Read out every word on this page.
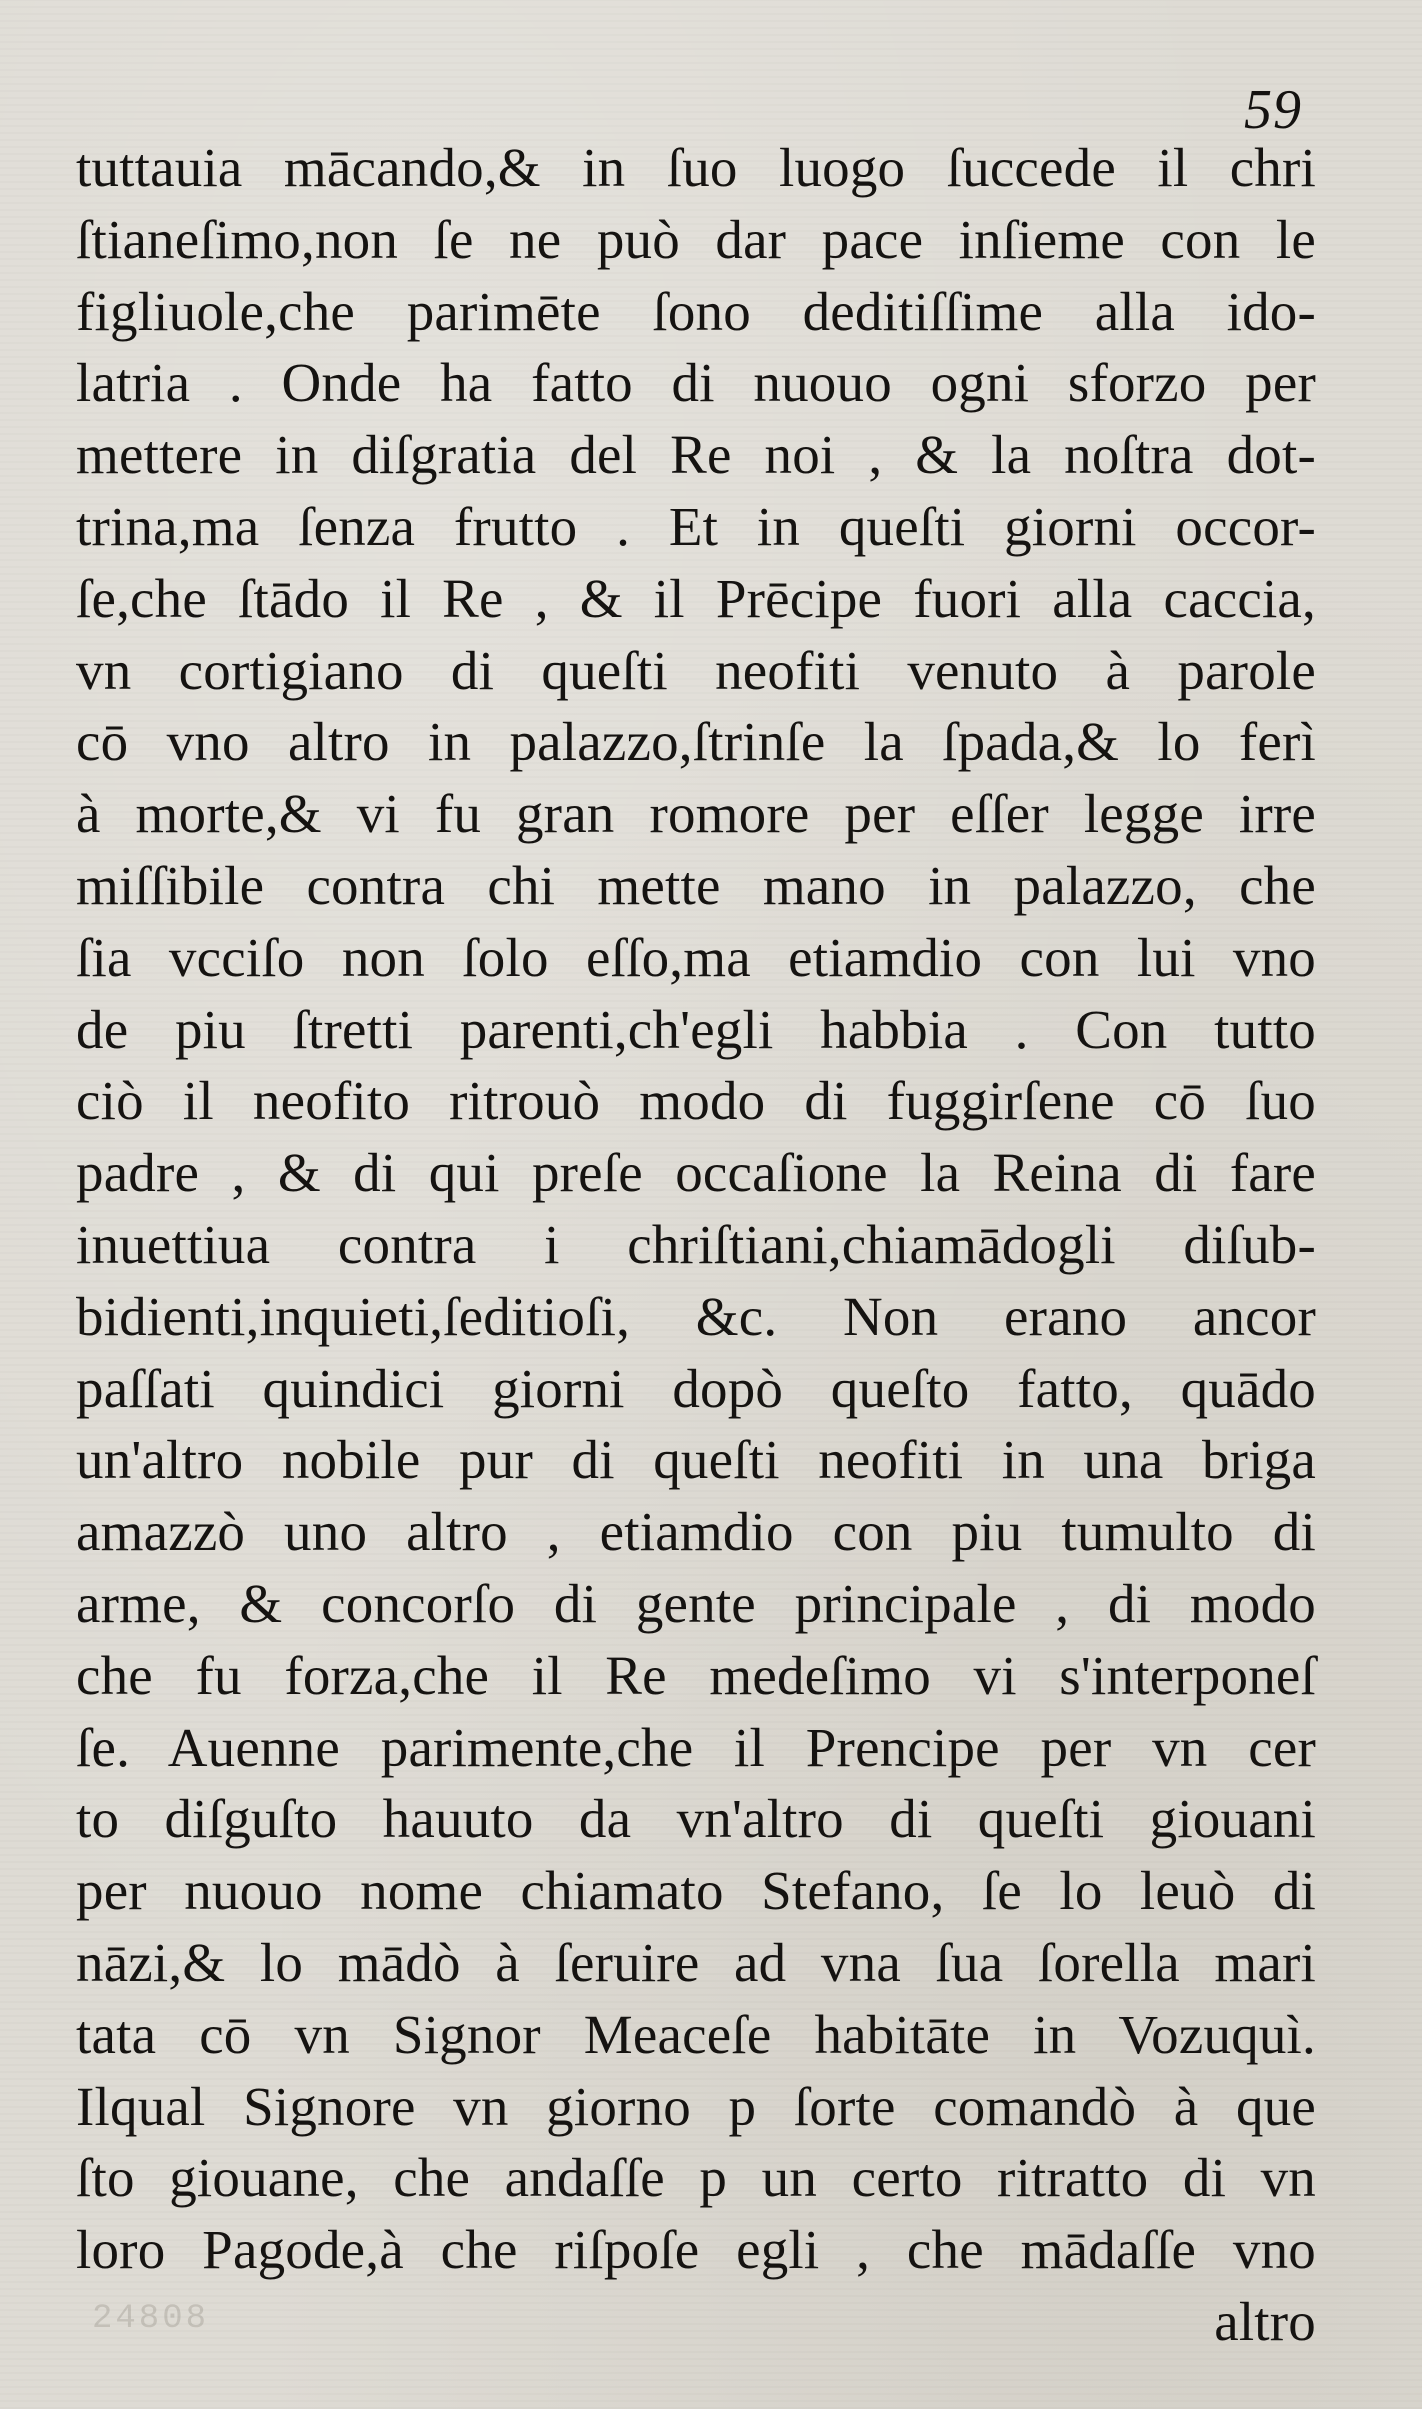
59
tuttauia mācando,& in ſuo luogo ſuccede il chri
ſtianeſimo,non ſe ne può dar pace inſieme con le
figliuole,che parimēte ſono deditiſſime alla ido-
latria . Onde ha fatto di nuouo ogni sforzo per
mettere in diſgratia del Re noi , & la noſtra dot-
trina,ma ſenza frutto . Et in queſti giorni occor-
ſe,che ſtādo il Re , & il Prēcipe fuori alla caccia,
vn cortigiano di queſti neofiti venuto à parole
cō vno altro in palazzo,ſtrinſe la ſpada,& lo ferì
à morte,& vi fu gran romore per eſſer legge irre
miſſibile contra chi mette mano in palazzo, che
ſia vcciſo non ſolo eſſo,ma etiamdio con lui vno
de piu ſtretti parenti,ch'egli habbia . Con tutto
ciò il neofito ritrouò modo di fuggirſene cō ſuo
padre , & di qui preſe occaſione la Reina di fare
inuettiua contra i chriſtiani,chiamādogli diſub-
bidienti,inquieti,ſeditioſi, &c. Non erano ancor
paſſati quindici giorni dopò queſto fatto, quādo
un'altro nobile pur di queſti neofiti in una briga
amazzò uno altro , etiamdio con piu tumulto di
arme, & concorſo di gente principale , di modo
che fu forza,che il Re medeſimo vi s'interponeſ
ſe. Auenne parimente,che il Prencipe per vn cer
to diſguſto hauuto da vn'altro di queſti giouani
per nuouo nome chiamato Stefano, ſe lo leuò di
nāzi,& lo mādò à ſeruire ad vna ſua ſorella mari
tata cō vn Signor Meaceſe habitāte in Vozuquì.
Ilqual Signore vn giorno p ſorte comandò à que
ſto giouane, che andaſſe p un certo ritratto di vn
loro Pagode,à che riſpoſe egli , che mādaſſe vno
altro
24808
